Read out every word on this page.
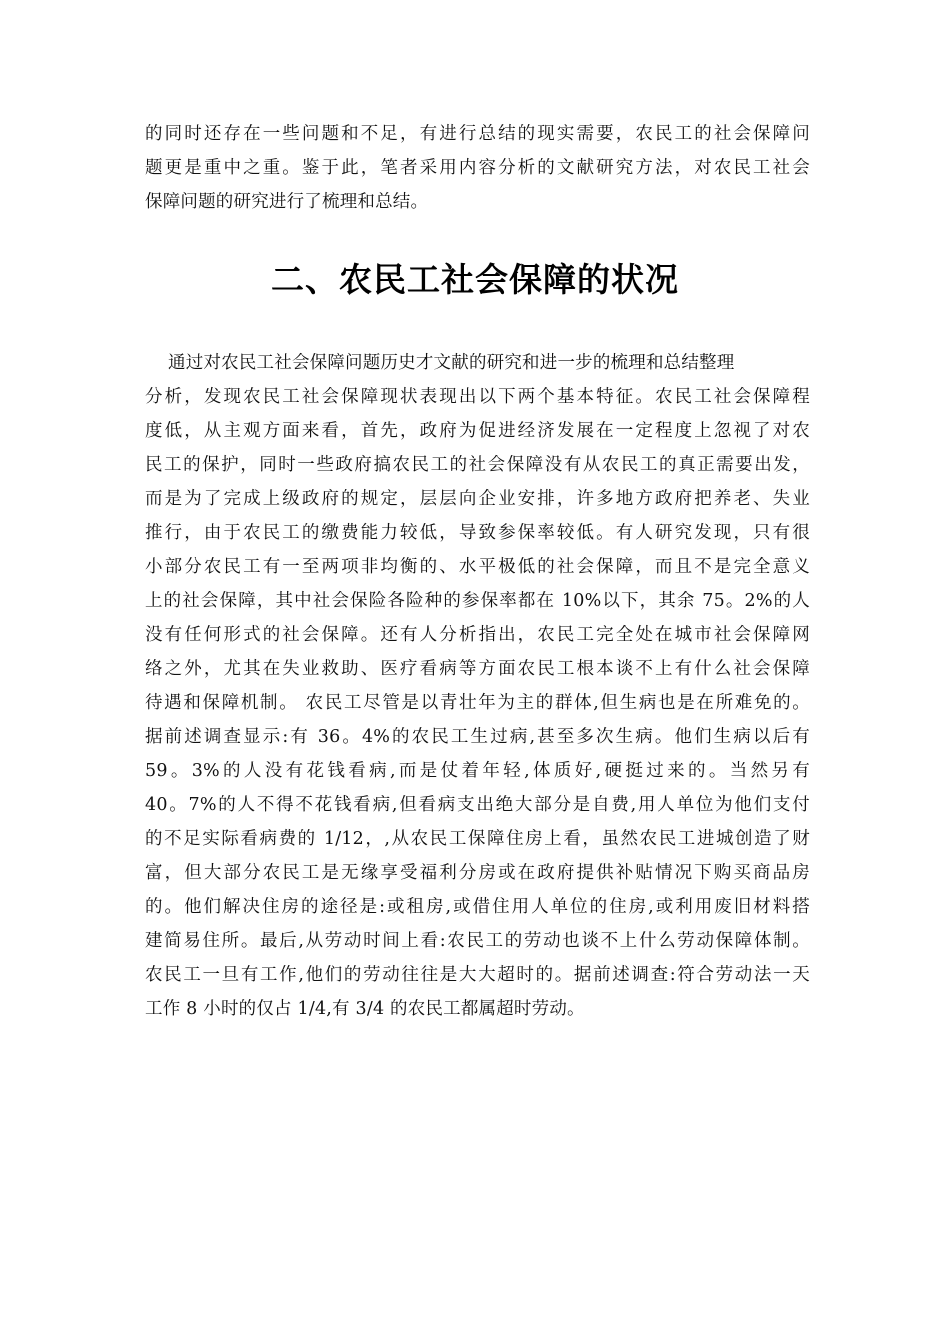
的同时还存在一些问题和不足，有进行总结的现实需要，农民工的社会保障问
题更是重中之重。鉴于此，笔者采用内容分析的文献研究方法，对农民工社会
保障问题的研究进行了梳理和总结。
二、农民工社会保障的状况
通过对农民工社会保障问题历史才文献的研究和进一步的梳理和总结整理
分析，发现农民工社会保障现状表现出以下两个基本特征。农民工社会保障程
度低，从主观方面来看，首先，政府为促进经济发展在一定程度上忽视了对农
民工的保护，同时一些政府搞农民工的社会保障没有从农民工的真正需要出发，
而是为了完成上级政府的规定，层层向企业安排，许多地方政府把养老、失业
推行，由于农民工的缴费能力较低，导致参保率较低。有人研究发现，只有很
小部分农民工有一至两项非均衡的、水平极低的社会保障，而且不是完全意义
上的社会保障，其中社会保险各险种的参保率都在 10%以下，其余 75。2%的人
没有任何形式的社会保障。还有人分析指出，农民工完全处在城市社会保障网
络之外，尤其在失业救助、医疗看病等方面农民工根本谈不上有什么社会保障
待遇和保障机制。 农民工尽管是以青壮年为主的群体,但生病也是在所难免的。
据前述调查显示:有 36。4%的农民工生过病,甚至多次生病。他们生病以后有
59。3%的人没有花钱看病,而是仗着年轻,体质好,硬挺过来的。当然另有
40。7%的人不得不花钱看病,但看病支出绝大部分是自费,用人单位为他们支付
的不足实际看病费的 1/12，,从农民工保障住房上看，虽然农民工进城创造了财
富，但大部分农民工是无缘享受福利分房或在政府提供补贴情况下购买商品房
的。他们解决住房的途径是:或租房,或借住用人单位的住房,或利用废旧材料搭
建简易住所。最后,从劳动时间上看:农民工的劳动也谈不上什么劳动保障体制。
农民工一旦有工作,他们的劳动往往是大大超时的。据前述调查:符合劳动法一天
工作 8 小时的仅占 1/4,有 3/4 的农民工都属超时劳动。
